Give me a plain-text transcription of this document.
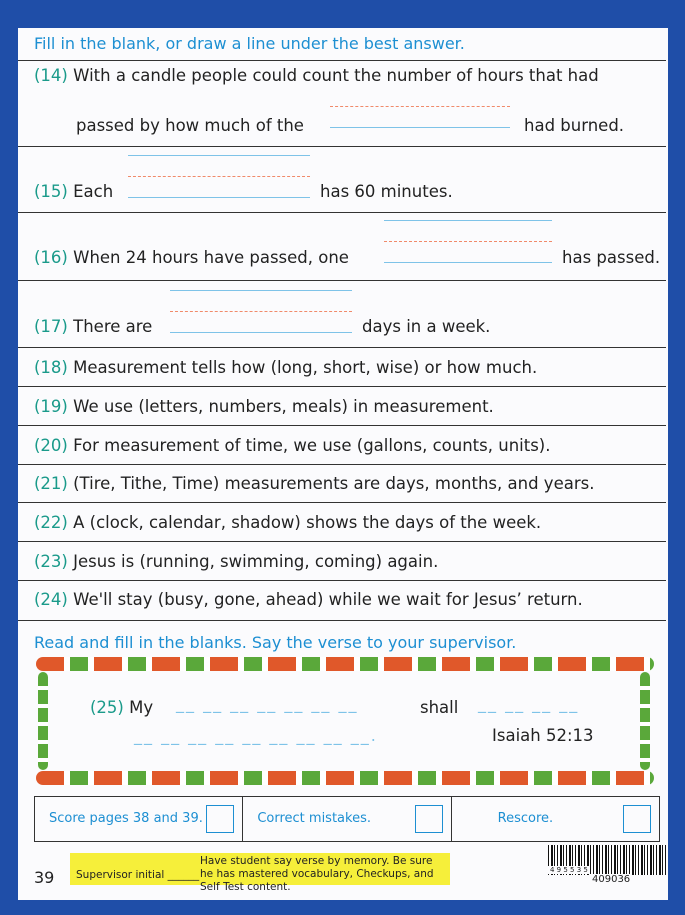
Fill in the blank, or draw a line under the best answer.
(14) With a candle people could count the number of hours that had
passed by how much of the	had burned.
(15) Each	has 60 minutes.
(16) When 24 hours have passed, one	has passed.
(17) There are	days in a week.
(18) Measurement tells how (long, short, wise) or how much.
(19) We use (letters, numbers, meals) in measurement.
(20) For measurement of time, we use (gallons, counts, units).
(21) (Tire, Tithe, Time) measurements are days, months, and years.
(22) A (clock, calendar, shadow) shows the days of the week.
(23) Jesus is (running, swimming, coming) again.
(24) We'll stay (busy, gone, ahead) while we wait for Jesus’ return.
Read and fill in the blanks. Say the verse to your supervisor.
(25) My __ __ __ __ __ __ __	shall __ __ __ __
__ __ __ __ __ __ __ __ __.	Isaiah 52:13
Score pages 38 and 39.	Correct mistakes.	Rescore.
39 Supervisor initial ______
Have student say verse by memory. Be sure he has mastered vocabulary, Checkups, and Self Test content.
4 9 5 5 3 5
409036
